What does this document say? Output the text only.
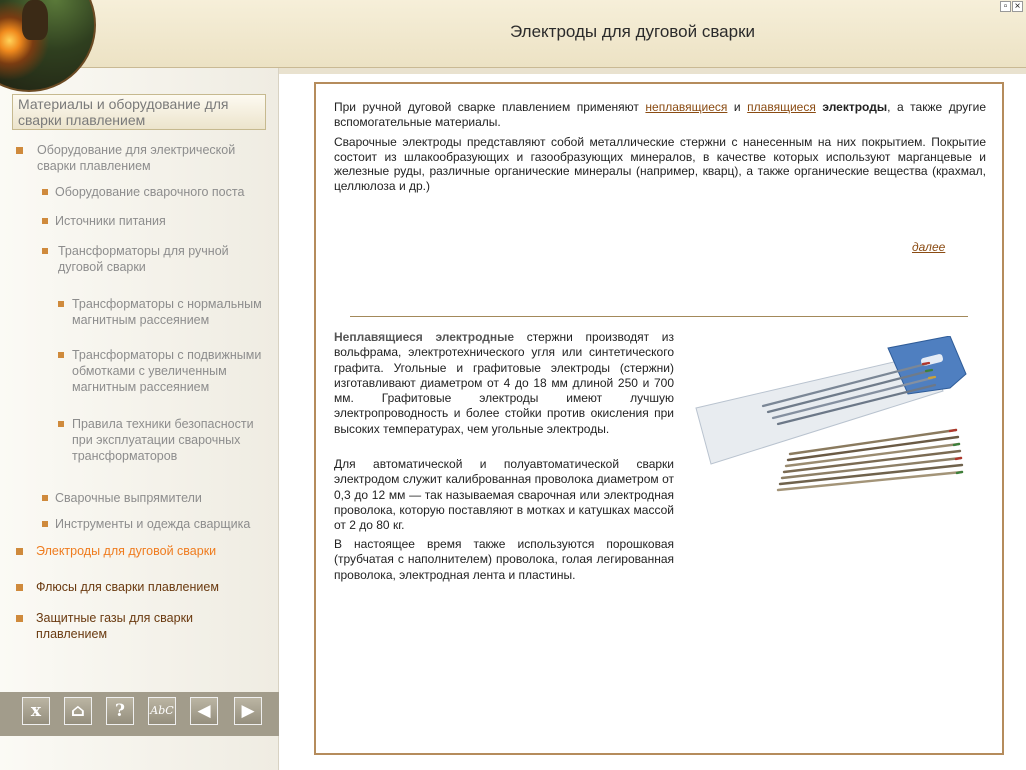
Электроды для дуговой сварки
▫ ×
Материалы и оборудование для сварки плавлением
Оборудование для электрической сварки плавлением
Оборудование сварочного поста
Источники питания
Трансформаторы для ручной дуговой сварки
Трансформаторы с нормальным магнитным рассеянием
Трансформаторы с подвижными обмотками с увеличенным магнитным рассеянием
Правила техники безопасности при эксплуатации сварочных трансформаторов
Сварочные выпрямители
Инструменты и одежда сварщика
Электроды для дуговой сварки
Флюсы для сварки плавлением
Защитные газы для сварки плавлением
x	⌂	?	AbC	◀	▶
При ручной дуговой сварке плавлением применяют неплавящиеся и плавящиеся электроды, а также другие вспомогательные материалы.
Сварочные электроды представляют собой металлические стержни с нанесенным на них покрытием. Покрытие состоит из шлакообразующих и газообразующих минералов, в качестве которых используют марганцевые и железные руды, различные органические минералы (например, кварц), а также органические вещества (крахмал, целлюлоза и др.)
далее
Неплавящиеся электродные стержни производят из вольфрама, электротехнического угля или синтетического графита. Угольные и графитовые электроды (стержни) изготавливают диаметром от 4 до 18 мм длиной 250 и 700 мм. Графитовые электроды имеют лучшую электропроводность и более стойки против окисления при высоких температурах, чем угольные электроды.
Для автоматической и полуавтоматической сварки электродом служит калиброванная проволока диаметром от 0,3 до 12 мм — так называемая сварочная или электродная проволока, которую поставляют в мотках и катушках массой от 2 до 80 кг.
В настоящее время также используются порошковая (трубчатая с наполнителем) проволока, голая легированная проволока, электродная лента и пластины.
